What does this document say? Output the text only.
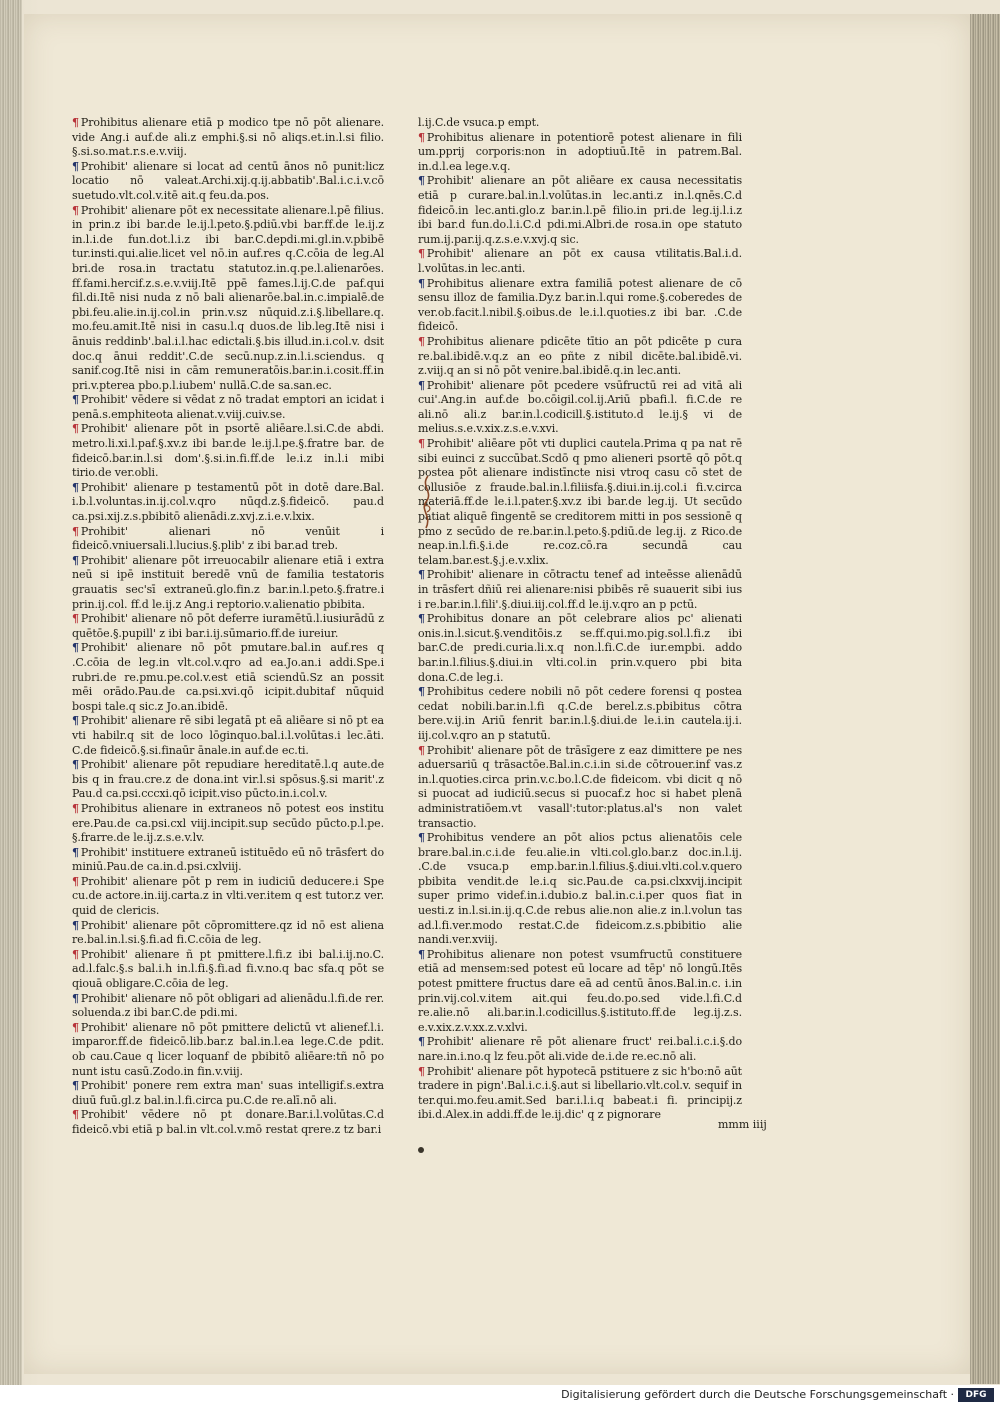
¶ Prohibitus alienare etiā p modico tpe nō pōt alienare. vide Ang.i auf.de ali.z emphi.§.si nō aliqs.et.in.l.si filio. §.si.so.mat.r.s.e.v.viij.

¶ Prohibit' alienare si locat ad centū ānos nō punit:licz locatio nō valeat.Archi.xij.q.ij.abbatib'.Bal.i.c.i.v.cō suetudo.vlt.col.v.itē ait.q feu.da.pos.

¶ Prohibit' alienare pōt ex necessitate alienare.l.pē filius. in prin.z ibi bar.de le.ij.l.peto.§.pdiū.vbi bar.ff.de le.ij.z in.l.i.de fun.dot.l.i.z ibi bar.C.depdi.mi.gl.in.v.pbibē tur.insti.qui.alie.licet vel nō.in auf.res q.C.cōia de leg.Al bri.de rosa.in tractatu statutoz.in.q.pe.l.alienarōes. ff.fami.hercif.z.s.e.v.viij.Itē ppē fames.l.ij.C.de paf.qui fil.di.Itē nisi nuda z nō bali alienarōe.bal.in.c.impialē.de pbi.feu.alie.in.ij.col.in prin.v.sz nūquid.z.i.§.libellare.q. mo.feu.amit.Itē nisi in casu.l.q duos.de lib.leg.Itē nisi i ānuis reddinb'.bal.i.l.hac edictali.§.bis illud.in.i.col.v. dsit doc.q ānui reddit'.C.de secū.nup.z.in.l.i.sciendus. q sanif.cog.Itē nisi in cām remuneratōis.bar.in.i.cosit.ff.in pri.v.pterea pbo.p.l.iubem' nullā.C.de sa.san.ec.

¶ Prohibit' vēdere si vēdat z nō tradat emptori an icidat i penā.s.emphiteota alienat.v.viij.cuiv.se.

¶ Prohibit' alienare pōt in psortē aliēare.l.si.C.de abdi. metro.li.xi.l.paf.§.xv.z ibi bar.de le.ij.l.pe.§.fratre bar. de fideicō.bar.in.l.si dom'.§.si.in.fi.ff.de le.i.z in.l.i mibi tirio.de ver.obli.

¶ Prohibit' alienare p testamentū pōt in dotē dare.Bal. i.b.l.voluntas.in.ij.col.v.qro nūqd.z.§.fideicō. pau.d ca.psi.xij.z.s.pbibitō alienādi.z.xvj.z.i.e.v.lxix.

¶ Prohibit' alienari nō venūit i fideicō.vniuersali.l.lucius.§.plib' z ibi bar.ad treb.

¶ Prohibit' alienare pōt irreuocabilr alienare etiā i extra neū si ipē instituit beredē vnū de familia testatoris grauatis sec'sī extraneū.glo.fin.z bar.in.l.peto.§.fratre.i prin.ij.col. ff.d le.ij.z Ang.i reptorio.v.alienatio pbibita.

¶ Prohibit' alienare nō pōt deferre iuramētū.l.iusiurādū z quētōe.§.pupill' z ibi bar.i.ij.sūmario.ff.de iureiur.

¶ Prohibit' alienare nō pōt pmutare.bal.in auf.res q .C.cōia de leg.in vlt.col.v.qro ad ea.Jo.an.i addi.Spe.i rubri.de re.pmu.pe.col.v.est etiā sciendū.Sz an possit mēi orādo.Pau.de ca.psi.xvi.qō icipit.dubitaf nūquid bospi tale.q sic.z Jo.an.ibidē.

¶ Prohibit' alienare rē sibi legatā pt eā aliēare si nō pt ea vti habilr.q sit de loco lōginquo.bal.i.l.volūtas.i lec.āti. C.de fideicō.§.si.finaūr ānale.in auf.de ec.ti.

¶ Prohibit' alienare pōt repudiare hereditatē.l.q aute.de bis q in frau.cre.z de dona.int vir.l.si spōsus.§.si marit'.z Pau.d ca.psi.cccxi.qō icipit.viso pūcto.in.i.col.v.

¶ Prohibitus alienare in extraneos nō potest eos institu ere.Pau.de ca.psi.cxl viij.incipit.sup secūdo pūcto.p.l.pe. §.frarre.de le.ij.z.s.e.v.lv.

¶ Prohibit' instituere extraneū istituēdo eū nō trāsfert do miniū.Pau.de ca.in.d.psi.cxlviij.

¶ Prohibit' alienare pōt p rem in iudiciū deducere.i Spe cu.de actore.in.iij.carta.z in vlti.ver.item q est tutor.z ver. quid de clericis.

¶ Prohibit' alienare pōt cōpromittere.qz id nō est aliena re.bal.in.l.si.§.fi.ad fi.C.cōia de leg.

¶ Prohibit' alienare ñ pt pmittere.l.fi.z ibi bal.i.ij.no.C. ad.l.falc.§.s bal.i.h in.l.fi.§.fi.ad fi.v.no.q bac sfa.q pōt se qiouā obligare.C.cōia de leg.

¶ Prohibit' alienare nō pōt obligari ad alienādu.l.fi.de rer. soluenda.z ibi bar.C.de pdi.mi.

¶ Prohibit' alienare nō pōt pmittere delictū vt alienef.l.i. imparor.ff.de fideicō.lib.bar.z bal.in.l.ea lege.C.de pdit. ob cau.Caue q licer loquanf de pbibitō aliēare:tñ nō po nunt istu casū.Zodo.in fin.v.viij.

¶ Prohibit' ponere rem extra man' suas intelligif.s.extra diuū fuū.gl.z bal.in.l.fi.circa pu.C.de re.alī.nō ali.

¶ Prohibit' vēdere nō pt donare.Bar.i.l.volūtas.C.d fideicō.vbi etiā p bal.in vlt.col.v.mō restat qrere.z tz bar.i

l.ij.C.de vsuca.p empt.

¶ Prohibitus alienare in potentiorē potest alienare in fili um.pprij corporis:non in adoptiuū.Itē in patrem.Bal. in.d.l.ea lege.v.q.

¶ Prohibit' alienare an pōt aliēare ex causa necessitatis etiā p curare.bal.in.l.volūtas.in lec.anti.z in.l.qnēs.C.d fideicō.in lec.anti.glo.z bar.in.l.pē filio.in pri.de leg.ij.l.i.z ibi bar.d fun.do.l.i.C.d pdi.mi.Albri.de rosa.in ope statuto rum.ij.par.ij.q.z.s.e.v.xvj.q sic.

¶ Prohibit' alienare an pōt ex causa vtilitatis.Bal.i.d. l.volūtas.in lec.anti.

¶ Prohibitus alienare extra familiā potest alienare de cō sensu illoz de familia.Dy.z bar.in.l.qui rome.§.coberedes de ver.ob.facit.l.nibil.§.oibus.de le.i.l.quoties.z ibi bar. .C.de fideicō.

¶ Prohibitus alienare pdicēte tītio an pōt pdicēte p cura re.bal.ibidē.v.q.z an eo pñte z nibil dicēte.bal.ibidē.vi. z.viij.q an si nō pōt venire.bal.ibidē.q.in lec.anti.

¶ Prohibit' alienare pōt pcedere vsūfructū rei ad vitā ali cui'.Ang.in auf.de bo.cōigil.col.ij.Ariū pbafi.l. fi.C.de re ali.nō ali.z bar.in.l.codicill.§.istituto.d le.ij.§ vi de melius.s.e.v.xix.z.s.e.v.xvi.

¶ Prohibit' aliēare pōt vti duplici cautela.Prima q pa nat rē sibi euinci z succūbat.Scdō q pmo alieneri psortē qō pōt.q postea pōt alienare indistīncte nisi vtroq casu cō stet de collusiōe z fraude.bal.in.l.filiisfa.§.diui.in.ij.col.i fi.v.circa materiā.ff.de le.i.l.pater.§.xv.z ibi bar.de leg.ij. Ut secūdo patiat aliquē fingentē se creditorem mitti in pos sessionē q pmo z secūdo de re.bar.in.l.peto.§.pdiū.de leg.ij. z Rico.de neap.in.l.fi.§.i.de re.coz.cō.ra secundā cau telam.bar.est.§.j.e.v.xlix.

¶ Prohibit' alienare in cōtractu tenef ad inteēsse alienādū in trāsfert dñiū rei alienare:nisi pbibēs rē suauerit sibi ius i re.bar.in.l.fili'.§.diui.iij.col.ff.d le.ij.v.qro an p pctū.

¶ Prohibitus donare an pōt celebrare alios pc' alienati onis.in.l.sicut.§.venditōis.z se.ff.qui.mo.pig.sol.l.fi.z ibi bar.C.de predi.curia.li.x.q non.l.fi.C.de iur.empbi. addo bar.in.l.filius.§.diui.in vlti.col.in prin.v.quero pbi bita dona.C.de leg.i.

¶ Prohibitus cedere nobili nō pōt cedere forensi q postea cedat nobili.bar.in.l.fi q.C.de berel.z.s.pbibitus cōtra bere.v.ij.in Ariū fenrit bar.in.l.§.diui.de le.i.in cautela.ij.i. iij.col.v.qro an p statutū.

¶ Prohibit' alienare pōt de trāsīgere z eaz dimittere pe nes aduersariū q trāsactōe.Bal.in.c.i.in si.de cōtrouer.inf vas.z in.l.quoties.circa prin.v.c.bo.l.C.de fideicom. vbi dicit q nō si puocat ad iudiciū.secus si puocaf.z hoc si habet plenā administratiōem.vt vasall':tutor:platus.al's non valet transactio.

¶ Prohibitus vendere an pōt alios pctus alienatōis cele brare.bal.in.c.i.de feu.alie.in vlti.col.glo.bar.z doc.in.l.ij. .C.de vsuca.p emp.bar.in.l.filius.§.diui.vlti.col.v.quero pbibita vendit.de le.i.q sic.Pau.de ca.psi.clxxvij.incipit super primo videf.in.i.dubio.z bal.in.c.i.per quos fiat in uesti.z in.l.si.in.ij.q.C.de rebus alie.non alie.z in.l.volun tas ad.l.fi.ver.modo restat.C.de fideicom.z.s.pbibitio alie nandi.ver.xviij.

¶ Prohibitus alienare non potest vsumfructū constituere etiā ad mensem:sed potest eū locare ad tēp' nō longū.Itēs potest pmittere fructus dare eā ad centū ānos.Bal.in.c. i.in prin.vij.col.v.item ait.qui feu.do.po.sed vide.l.fi.C.d re.alie.nō ali.bar.in.l.codicillus.§.istituto.ff.de leg.ij.z.s. e.v.xix.z.v.xx.z.v.xlvi.

¶ Prohibit' alienare rē pōt alienare fruct' rei.bal.i.c.i.§.do nare.in.i.no.q lz feu.pōt ali.vide de.i.de re.ec.nō ali.

¶ Prohibit' alienare pōt hypotecā pstituere z sic h'bo:nō aūt tradere in pign'.Bal.i.c.i.§.aut si libellario.vlt.col.v. sequif in ter.qui.mo.feu.amit.Sed bar.i.l.i.q babeat.i fi. principij.z ibi.d.Alex.in addi.ff.de le.ij.dic' q z pignorare

mmm iiij
Digitalisierung gefördert durch die Deutsche Forschungsgemeinschaft ·	DFG
